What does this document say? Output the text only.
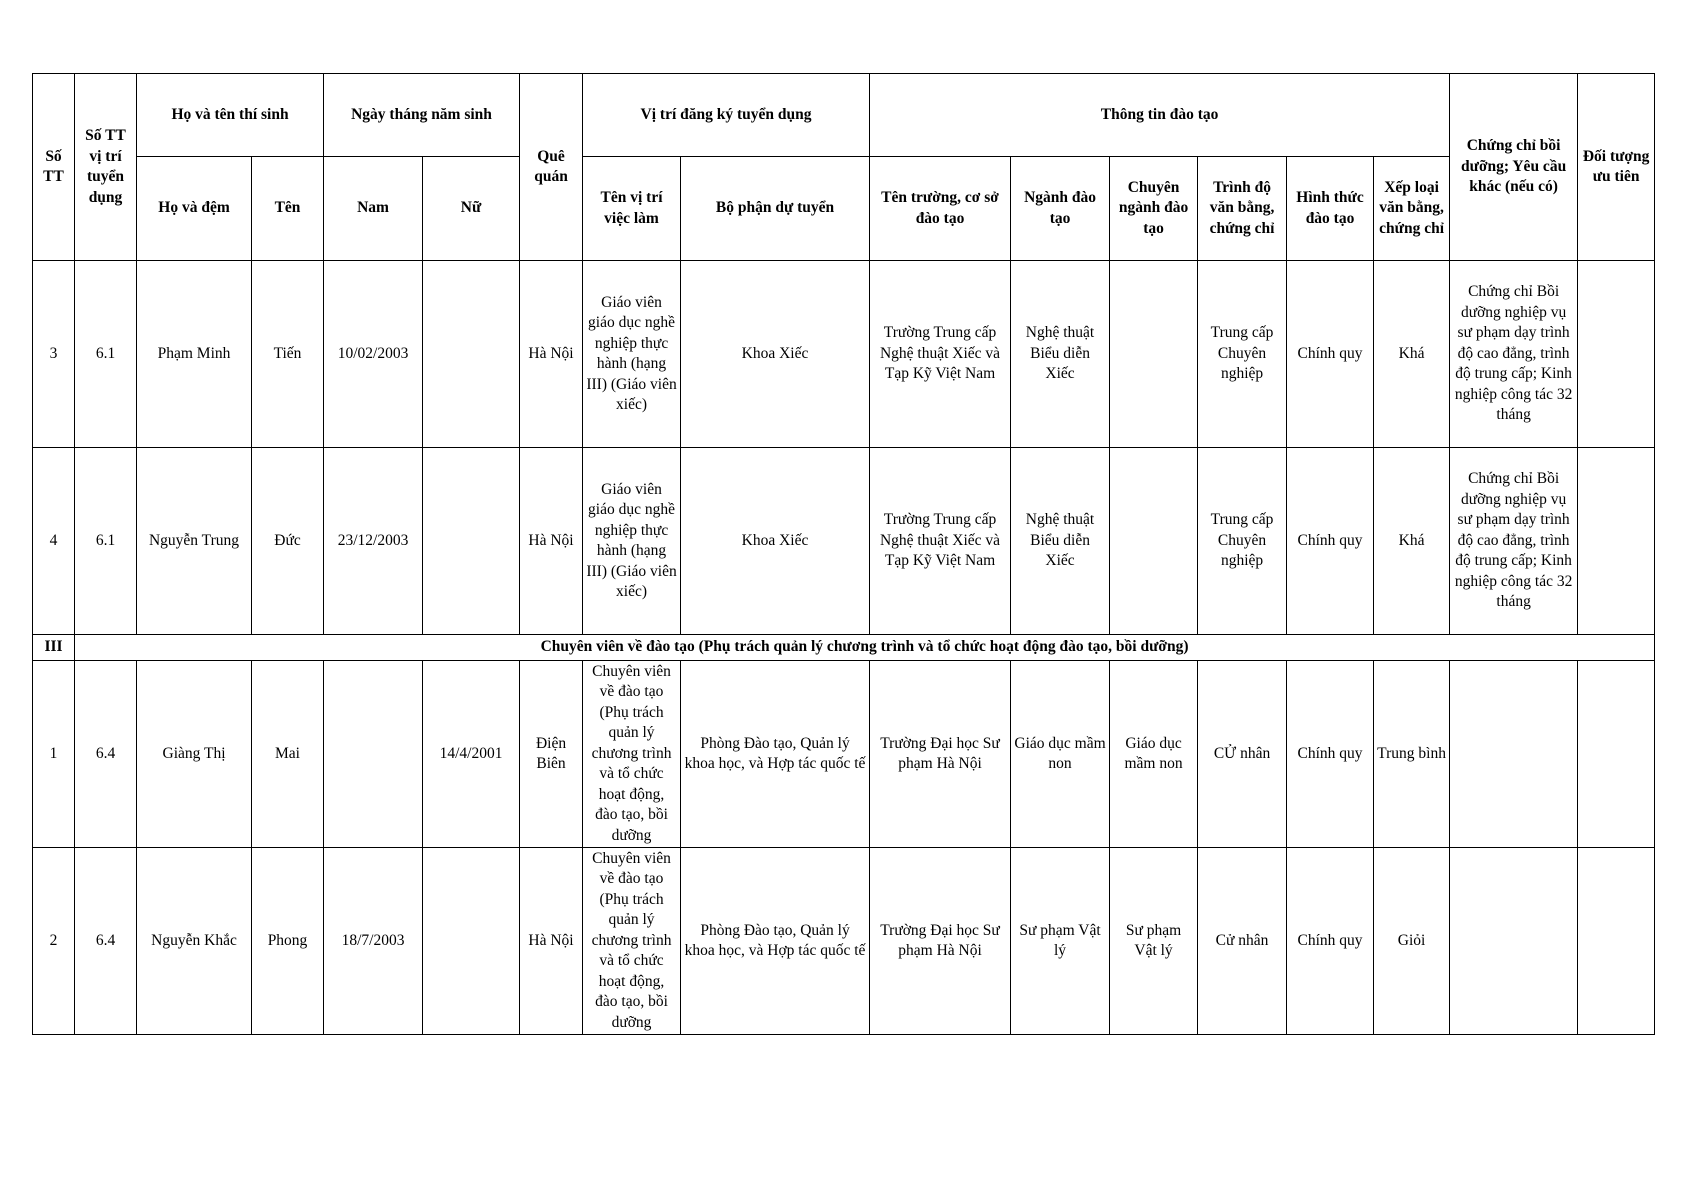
Số TT	Số TT vị trí tuyển dụng	Họ và tên thí sinh		Ngày tháng năm sinh		Quê quán	Vị trí đăng ký tuyển dụng		Thông tin đào tạo						Chứng chỉ bồi dưỡng; Yêu cầu khác (nếu có)	Đối tượng ưu tiên
		Họ và đệm	Tên	Nam	Nữ		Tên vị trí việc làm	Bộ phận dự tuyển	Tên trường, cơ sở đào tạo	Ngành đào tạo	Chuyên ngành đào tạo	Trình độ văn bằng, chứng chỉ	Hình thức đào tạo	Xếp loại văn bằng, chứng chỉ		
3	6.1	Phạm Minh	Tiến	10/02/2003		Hà Nội	Giáo viên giáo dục nghề nghiệp thực hành (hạng III) (Giáo viên xiếc)	Khoa Xiếc	Trường Trung cấp Nghệ thuật Xiếc và Tạp Kỹ Việt Nam	Nghệ thuật Biểu diễn Xiếc		Trung cấp Chuyên nghiệp	Chính quy	Khá	Chứng chỉ Bồi dưỡng nghiệp vụ sư phạm dạy trình độ cao đẳng, trình độ trung cấp; Kinh nghiệp công tác 32 tháng	
4	6.1	Nguyễn Trung	Đức	23/12/2003		Hà Nội	Giáo viên giáo dục nghề nghiệp thực hành (hạng III) (Giáo viên xiếc)	Khoa Xiếc	Trường Trung cấp Nghệ thuật Xiếc và Tạp Kỹ Việt Nam	Nghệ thuật Biểu diễn Xiếc		Trung cấp Chuyên nghiệp	Chính quy	Khá	Chứng chỉ Bồi dưỡng nghiệp vụ sư phạm dạy trình độ cao đẳng, trình độ trung cấp; Kinh nghiệp công tác 32 tháng	
III	Chuyên viên về đào tạo (Phụ trách quản lý chương trình và tổ chức hoạt động đào tạo, bồi dưỡng)															
1	6.4	Giàng Thị	Mai		14/4/2001	Điện Biên	Chuyên viên về đào tạo (Phụ trách quản lý chương trình và tổ chức hoạt động, đào tạo, bồi dưỡng	Phòng Đào tạo, Quản lý khoa học, và Hợp tác quốc tế	Trường Đại học Sư phạm Hà Nội	Giáo dục mầm non	Giáo dục mầm non	CỬ nhân	Chính quy	Trung bình		
2	6.4	Nguyễn Khắc	Phong	18/7/2003		Hà Nội	Chuyên viên về đào tạo (Phụ trách quản lý chương trình và tổ chức hoạt động, đào tạo, bồi dưỡng	Phòng Đào tạo, Quản lý khoa học, và Hợp tác quốc tế	Trường Đại học Sư phạm Hà Nội	Sư phạm Vật lý	Sư phạm Vật lý	Cử nhân	Chính quy	Giỏi		
